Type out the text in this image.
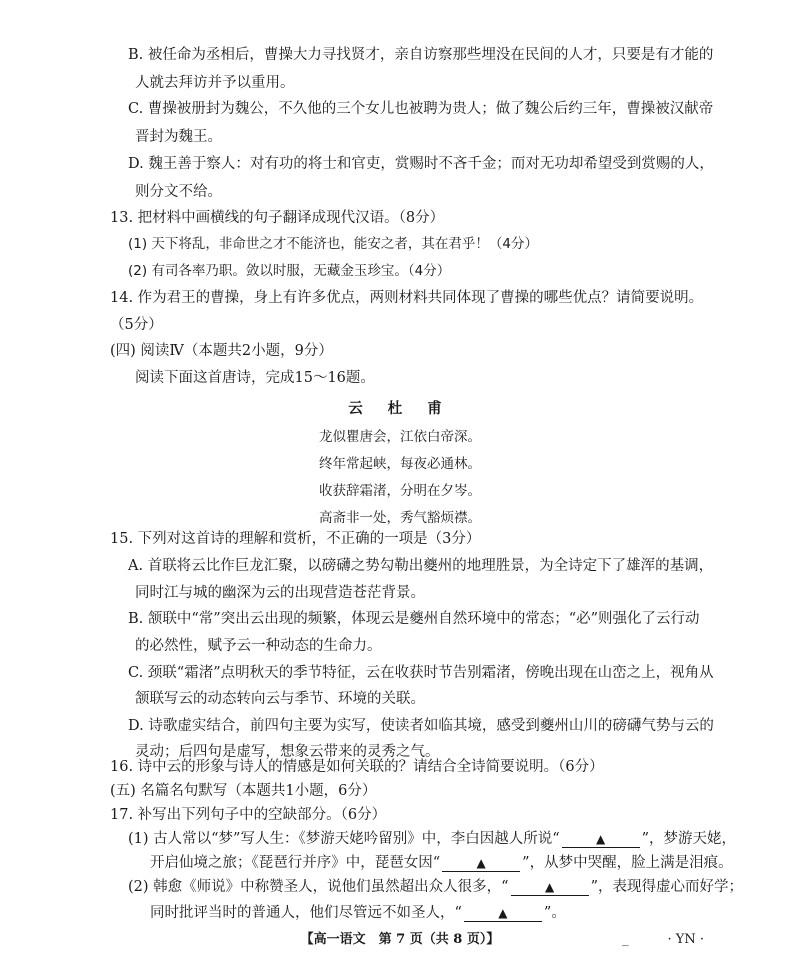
B. 被任命为丞相后，曹操大力寻找贤才，亲自访察那些埋没在民间的人才，只要是有才能的
人就去拜访并予以重用。
C. 曹操被册封为魏公，不久他的三个女儿也被聘为贵人；做了魏公后约三年，曹操被汉献帝
晋封为魏王。
D. 魏王善于察人：对有功的将士和官吏，赏赐时不吝千金；而对无功却希望受到赏赐的人，
则分文不给。
13. 把材料中画横线的句子翻译成现代汉语。（8分）
(1) 天下将乱，非命世之才不能济也，能安之者，其在君乎！（4分）
(2) 有司各率乃职。敛以时服，无藏金玉珍宝。（4分）
14. 作为君王的曹操，身上有许多优点，两则材料共同体现了曹操的哪些优点？请简要说明。
（5分）
(四) 阅读Ⅳ（本题共2小题，9分）
阅读下面这首唐诗，完成15～16题。
云 杜 甫
龙似瞿唐会，江依白帝深。
终年常起峡，每夜必通林。
收获辞霜渚，分明在夕岑。
高斋非一处，秀气豁烦襟。
15. 下列对这首诗的理解和赏析，不正确的一项是（3分）
A. 首联将云比作巨龙汇聚，以磅礴之势勾勒出夔州的地理胜景，为全诗定下了雄浑的基调，
同时江与城的幽深为云的出现营造苍茫背景。
B. 颔联中“常”突出云出现的频繁，体现云是夔州自然环境中的常态；“必”则强化了云行动
的必然性，赋予云一种动态的生命力。
C. 颈联“霜渚”点明秋天的季节特征，云在收获时节告别霜渚，傍晚出现在山峦之上，视角从
颔联写云的动态转向云与季节、环境的关联。
D. 诗歌虚实结合，前四句主要为实写，使读者如临其境，感受到夔州山川的磅礴气势与云的
灵动；后四句是虚写，想象云带来的灵秀之气。
16. 诗中云的形象与诗人的情感是如何关联的？请结合全诗简要说明。（6分）
(五) 名篇名句默写（本题共1小题，6分）
17. 补写出下列句子中的空缺部分。（6分）
(1) 古人常以“梦”写人生：《梦游天姥吟留别》中，李白因越人所说“	▲	”，梦游天姥，
开启仙境之旅；《琵琶行并序》中，琵琶女因“	▲	”，从梦中哭醒，脸上满是泪痕。
(2) 韩愈《师说》中称赞圣人，说他们虽然超出众人很多，“	▲	”，表现得虚心而好学；
【高一语文　第 7 页（共 8 页）】	_　　　· YN ·
同时批评当时的普通人，他们尽管远不如圣人，“	▲	”。
